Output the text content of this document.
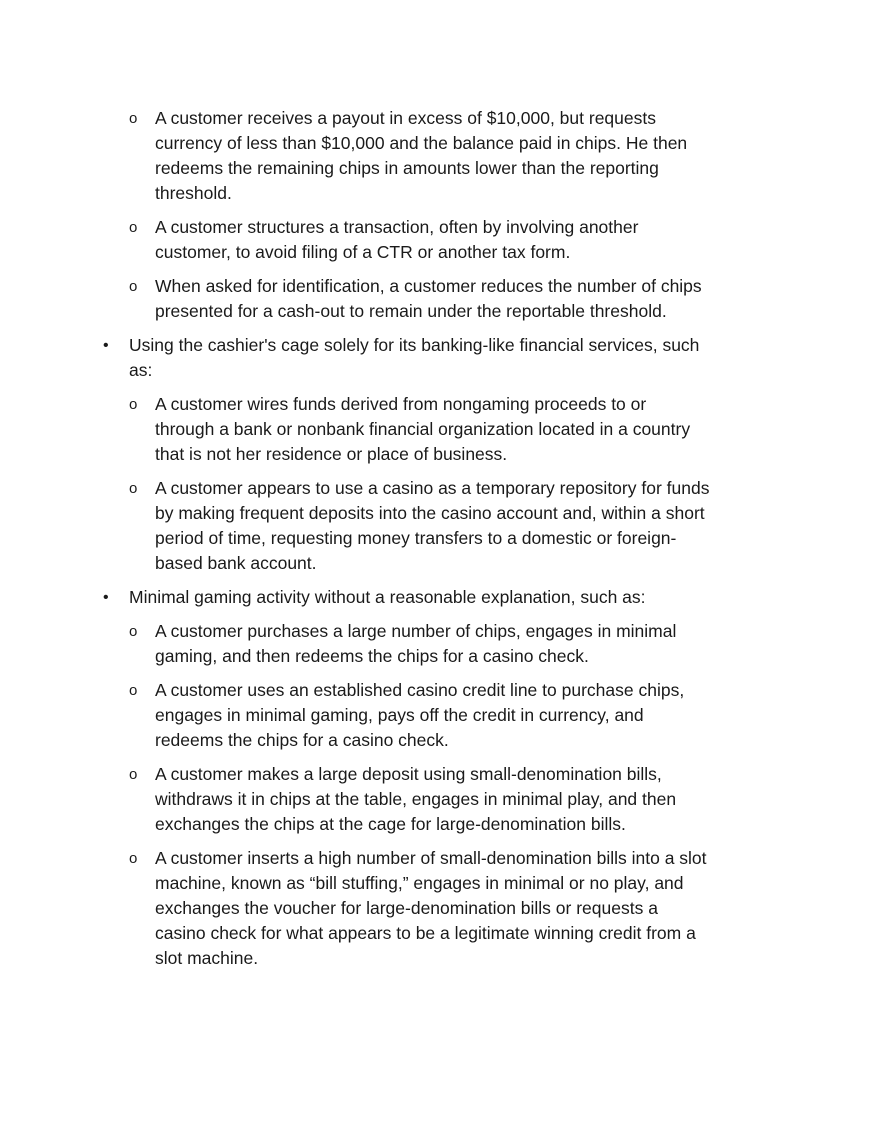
o A customer receives a payout in excess of $10,000, but requests
currency of less than $10,000 and the balance paid in chips. He then
redeems the remaining chips in amounts lower than the reporting
threshold.
o A customer structures a transaction, often by involving another
customer, to avoid filing of a CTR or another tax form.
o When asked for identification, a customer reduces the number of chips
presented for a cash-out to remain under the reportable threshold.
• Using the cashier's cage solely for its banking-like financial services, such
as:
o A customer wires funds derived from nongaming proceeds to or
through a bank or nonbank financial organization located in a country
that is not her residence or place of business.
o A customer appears to use a casino as a temporary repository for funds
by making frequent deposits into the casino account and, within a short
period of time, requesting money transfers to a domestic or foreign-
based bank account.
• Minimal gaming activity without a reasonable explanation, such as:
o A customer purchases a large number of chips, engages in minimal
gaming, and then redeems the chips for a casino check.
o A customer uses an established casino credit line to purchase chips,
engages in minimal gaming, pays off the credit in currency, and
redeems the chips for a casino check.
o A customer makes a large deposit using small-denomination bills,
withdraws it in chips at the table, engages in minimal play, and then
exchanges the chips at the cage for large-denomination bills.
o A customer inserts a high number of small-denomination bills into a slot
machine, known as “bill stuffing,” engages in minimal or no play, and
exchanges the voucher for large-denomination bills or requests a
casino check for what appears to be a legitimate winning credit from a
slot machine.
